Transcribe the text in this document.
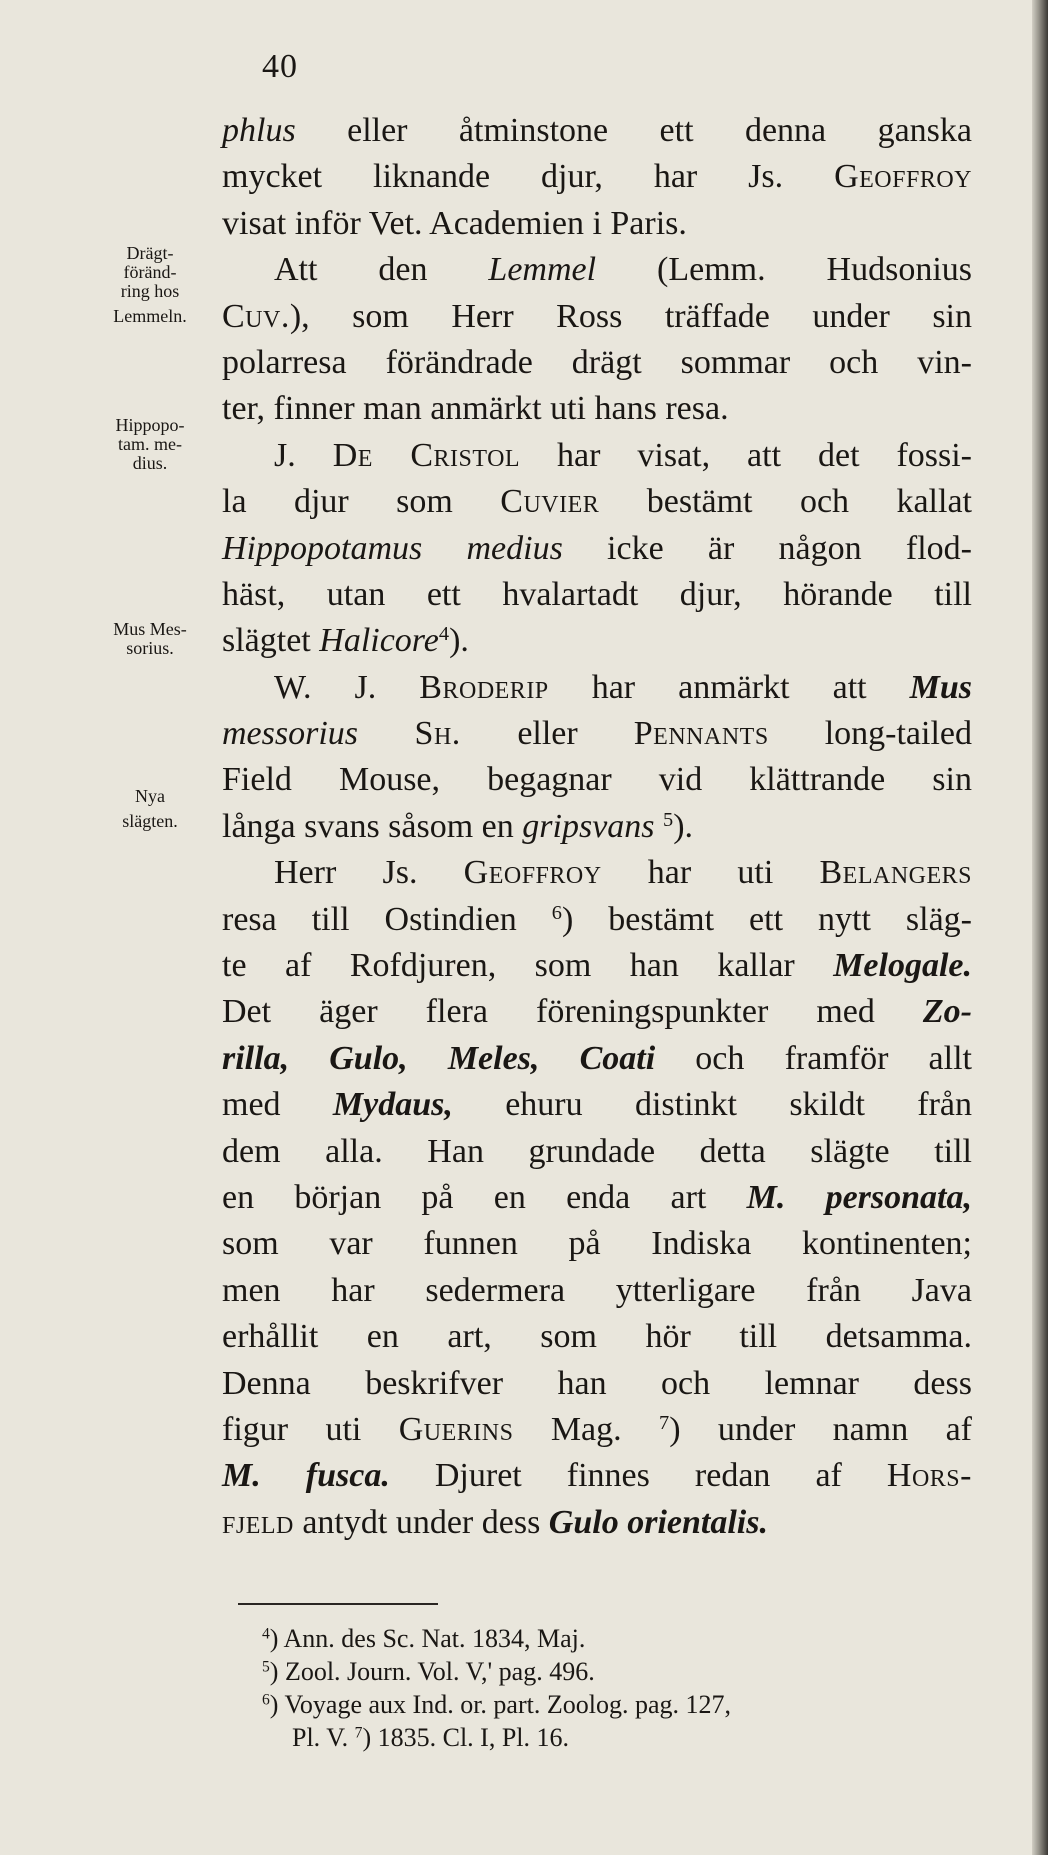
40
Drägt-
föränd-
ring hos
Lemmeln.
Hippopo-
tam. me-
dius.
Mus Mes-
sorius.
Nya
slägten.
phlus eller åtminstone ett denna ganska
mycket liknande djur, har Js. Geoffroy
visat inför Vet. Academien i Paris.
Att den Lemmel (Lemm. Hudsonius
Cuv.), som Herr Ross träffade under sin
polarresa förändrade drägt sommar och vin-
ter, finner man anmärkt uti hans resa.
J. De Cristol har visat, att det fossi-
la djur som Cuvier bestämt och kallat
Hippopotamus medius icke är någon flod-
häst, utan ett hvalartadt djur, hörande till
slägtet Halicore$^4$).
W. J. Broderip har anmärkt att Mus
messorius Sh. eller Pennants long-tailed
Field Mouse, begagnar vid klättrande sin
långa svans såsom en gripsvans $^5$).
Herr Js. Geoffroy har uti Belangers
resa till Ostindien $^6$) bestämt ett nytt släg-
te af Rofdjuren, som han kallar Melogale.
Det äger flera föreningspunkter med Zo-
rilla, Gulo, Meles, Coati och framför allt
med Mydaus, ehuru distinkt skildt från
dem alla. Han grundade detta slägte till
en början på en enda art M. personata,
som var funnen på Indiska kontinenten;
men har sedermera ytterligare från Java
erhållit en art, som hör till detsamma.
Denna beskrifver han och lemnar dess
figur uti Guerins Mag. $^7$) under namn af
M. fusca. Djuret finnes redan af Hors-
fjeld antydt under dess Gulo orientalis.
$^4$) Ann. des Sc. Nat. 1834, Maj.
$^5$) Zool. Journ. Vol. V,' pag. 496.
$^6$) Voyage aux Ind. or. part. Zoolog. pag. 127,
Pl. V. $^7$) 1835. Cl. I, Pl. 16.
